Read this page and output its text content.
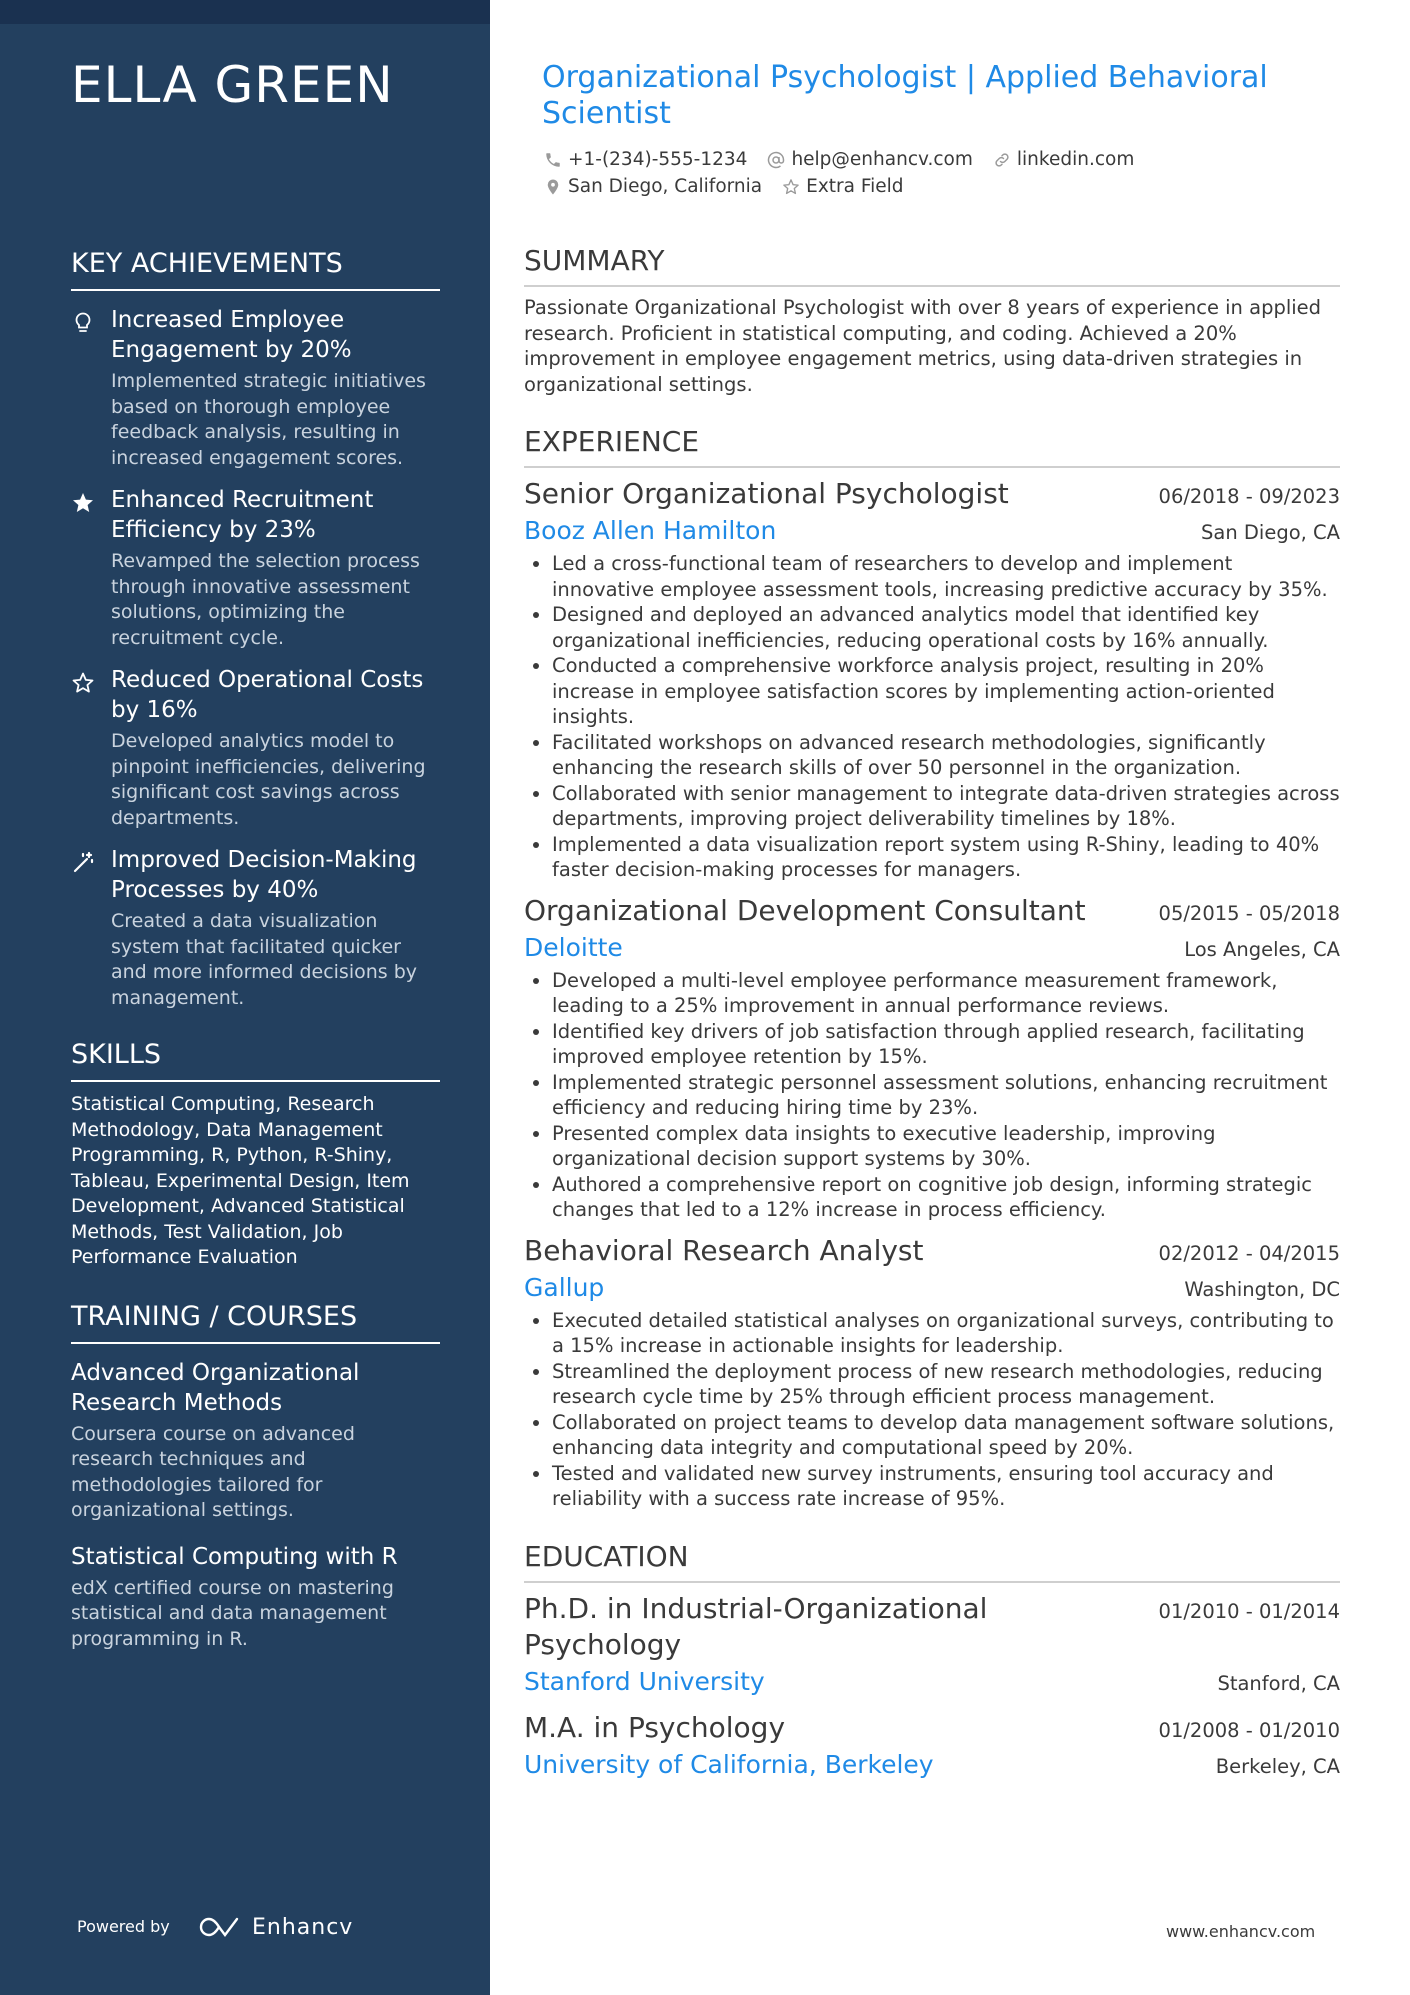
ELLA GREEN
KEY ACHIEVEMENTS
Increased Employee Engagement by 20%
Implemented strategic initiatives based on thorough employee feedback analysis, resulting in increased engagement scores.
Enhanced Recruitment Efficiency by 23%
Revamped the selection process through innovative assessment solutions, optimizing the recruitment cycle.
Reduced Operational Costs by 16%
Developed analytics model to pinpoint inefficiencies, delivering significant cost savings across departments.
Improved Decision-Making Processes by 40%
Created a data visualization system that facilitated quicker and more informed decisions by management.
SKILLS
Statistical Computing, Research Methodology, Data Management Programming, R, Python, R-Shiny, Tableau, Experimental Design, Item Development, Advanced Statistical Methods, Test Validation, Job Performance Evaluation
TRAINING / COURSES
Advanced Organizational Research Methods
Coursera course on advanced research techniques and methodologies tailored for organizational settings.
Statistical Computing with R
edX certified course on mastering statistical and data management programming in R.
Powered by	Enhancv
Organizational Psychologist | Applied Behavioral Scientist
+1-(234)-555-1234 help@enhancv.com linkedin.com
San Diego, California Extra Field
SUMMARY
Passionate Organizational Psychologist with over 8 years of experience in applied research. Proficient in statistical computing, and coding. Achieved a 20% improvement in employee engagement metrics, using data-driven strategies in organizational settings.
EXPERIENCE
Senior Organizational Psychologist	06/2018 - 09/2023
Booz Allen Hamilton	San Diego, CA
• Led a cross-functional team of researchers to develop and implement innovative employee assessment tools, increasing predictive accuracy by 35%.
• Designed and deployed an advanced analytics model that identified key organizational inefficiencies, reducing operational costs by 16% annually.
• Conducted a comprehensive workforce analysis project, resulting in 20% increase in employee satisfaction scores by implementing action-oriented insights.
• Facilitated workshops on advanced research methodologies, significantly enhancing the research skills of over 50 personnel in the organization.
• Collaborated with senior management to integrate data-driven strategies across departments, improving project deliverability timelines by 18%.
• Implemented a data visualization report system using R-Shiny, leading to 40% faster decision-making processes for managers.
Organizational Development Consultant	05/2015 - 05/2018
Deloitte	Los Angeles, CA
• Developed a multi-level employee performance measurement framework, leading to a 25% improvement in annual performance reviews.
• Identified key drivers of job satisfaction through applied research, facilitating improved employee retention by 15%.
• Implemented strategic personnel assessment solutions, enhancing recruitment efficiency and reducing hiring time by 23%.
• Presented complex data insights to executive leadership, improving organizational decision support systems by 30%.
• Authored a comprehensive report on cognitive job design, informing strategic changes that led to a 12% increase in process efficiency.
Behavioral Research Analyst	02/2012 - 04/2015
Gallup	Washington, DC
• Executed detailed statistical analyses on organizational surveys, contributing to a 15% increase in actionable insights for leadership.
• Streamlined the deployment process of new research methodologies, reducing research cycle time by 25% through efficient process management.
• Collaborated on project teams to develop data management software solutions, enhancing data integrity and computational speed by 20%.
• Tested and validated new survey instruments, ensuring tool accuracy and reliability with a success rate increase of 95%.
EDUCATION
Ph.D. in Industrial-Organizational Psychology
01/2010 - 01/2014
Stanford University	Stanford, CA
M.A. in Psychology	01/2008 - 01/2010
University of California, Berkeley	Berkeley, CA
www.enhancv.com
